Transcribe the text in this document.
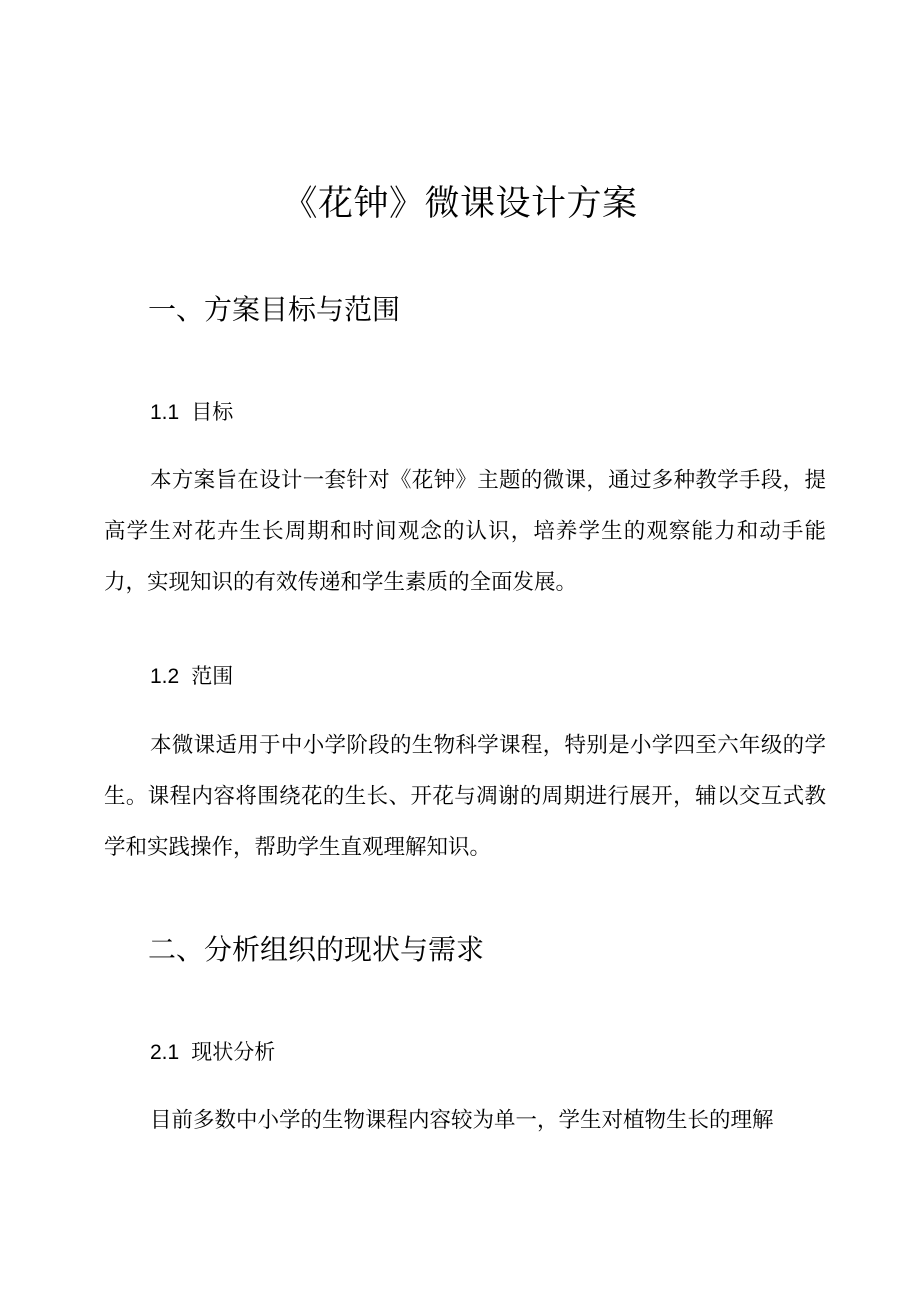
《花钟》微课设计方案
一、方案目标与范围
1.1 目标

本方案旨在设计一套针对《花钟》主题的微课，通过多种教学手段，提高学生对花卉生长周期和时间观念的认识，培养学生的观察能力和动手能力，实现知识的有效传递和学生素质的全面发展。

1.2 范围

本微课适用于中小学阶段的生物科学课程，特别是小学四至六年级的学生。课程内容将围绕花的生长、开花与凋谢的周期进行展开，辅以交互式教学和实践操作，帮助学生直观理解知识。

二、分析组织的现状与需求
2.1 现状分析

目前多数中小学的生物课程内容较为单一，学生对植物生长的理解
